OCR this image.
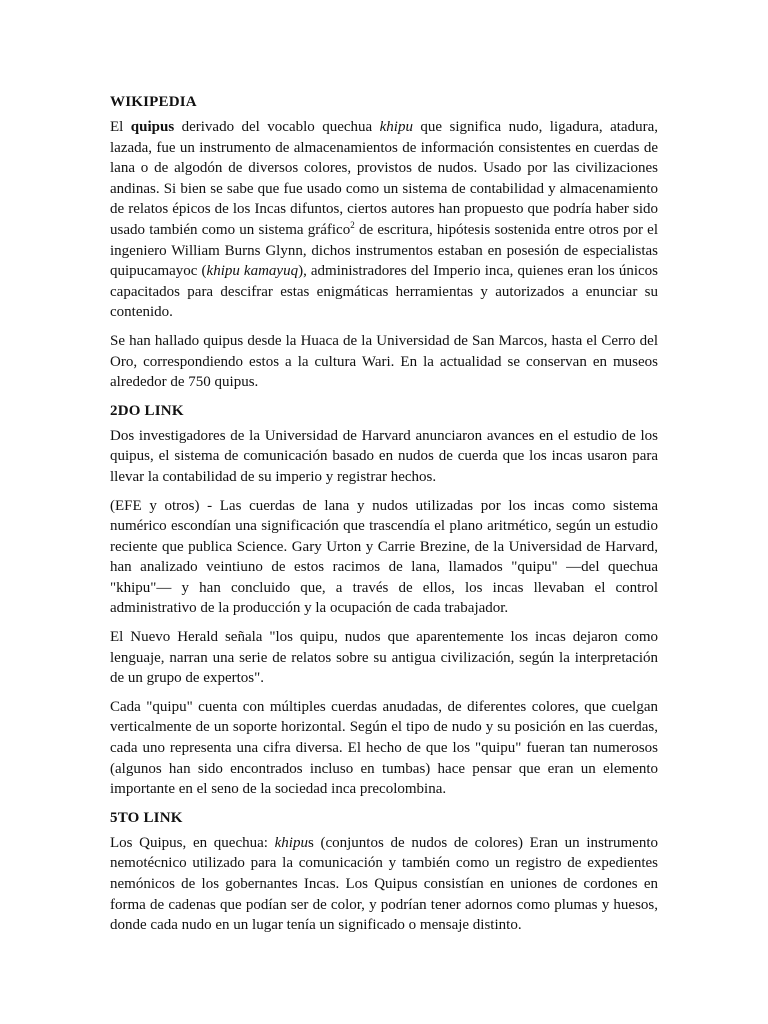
WIKIPEDIA

El quipus derivado del vocablo quechua khipu que significa nudo, ligadura, atadura, lazada, fue un instrumento de almacenamientos de información consistentes en cuerdas de lana o de algodón de diversos colores, provistos de nudos. Usado por las civilizaciones andinas. Si bien se sabe que fue usado como un sistema de contabilidad y almacenamiento de relatos épicos de los Incas difuntos, ciertos autores han propuesto que podría haber sido usado también como un sistema gráfico$^2$ de escritura, hipótesis sostenida entre otros por el ingeniero William Burns Glynn, dichos instrumentos estaban en posesión de especialistas quipucamayoc (khipu kamayuq), administradores del Imperio inca, quienes eran los únicos capacitados para descifrar estas enigmáticas herramientas y autorizados a enunciar su contenido.

Se han hallado quipus desde la Huaca de la Universidad de San Marcos, hasta el Cerro del Oro, correspondiendo estos a la cultura Wari. En la actualidad se conservan en museos alrededor de 750 quipus.

2DO LINK

Dos investigadores de la Universidad de Harvard anunciaron avances en el estudio de los quipus, el sistema de comunicación basado en nudos de cuerda que los incas usaron para llevar la contabilidad de su imperio y registrar hechos.

(EFE y otros) - Las cuerdas de lana y nudos utilizadas por los incas como sistema numérico escondían una significación que trascendía el plano aritmético, según un estudio reciente que publica Science. Gary Urton y Carrie Brezine, de la Universidad de Harvard, han analizado veintiuno de estos racimos de lana, llamados "quipu" —del quechua "khipu"— y han concluido que, a través de ellos, los incas llevaban el control administrativo de la producción y la ocupación de cada trabajador.

El Nuevo Herald señala "los quipu, nudos que aparentemente los incas dejaron como lenguaje, narran una serie de relatos sobre su antigua civilización, según la interpretación de un grupo de expertos".

Cada "quipu" cuenta con múltiples cuerdas anudadas, de diferentes colores, que cuelgan verticalmente de un soporte horizontal. Según el tipo de nudo y su posición en las cuerdas, cada uno representa una cifra diversa. El hecho de que los "quipu" fueran tan numerosos (algunos han sido encontrados incluso en tumbas) hace pensar que eran un elemento importante en el seno de la sociedad inca precolombina.

5TO LINK

Los Quipus, en quechua: khipus (conjuntos de nudos de colores) Eran un instrumento nemotécnico utilizado para la comunicación y también como un registro de expedientes nemónicos de los gobernantes Incas. Los Quipus consistían en uniones de cordones en forma de cadenas que podían ser de color, y podrían tener adornos como plumas y huesos, donde cada nudo en un lugar tenía un significado o mensaje distinto.
